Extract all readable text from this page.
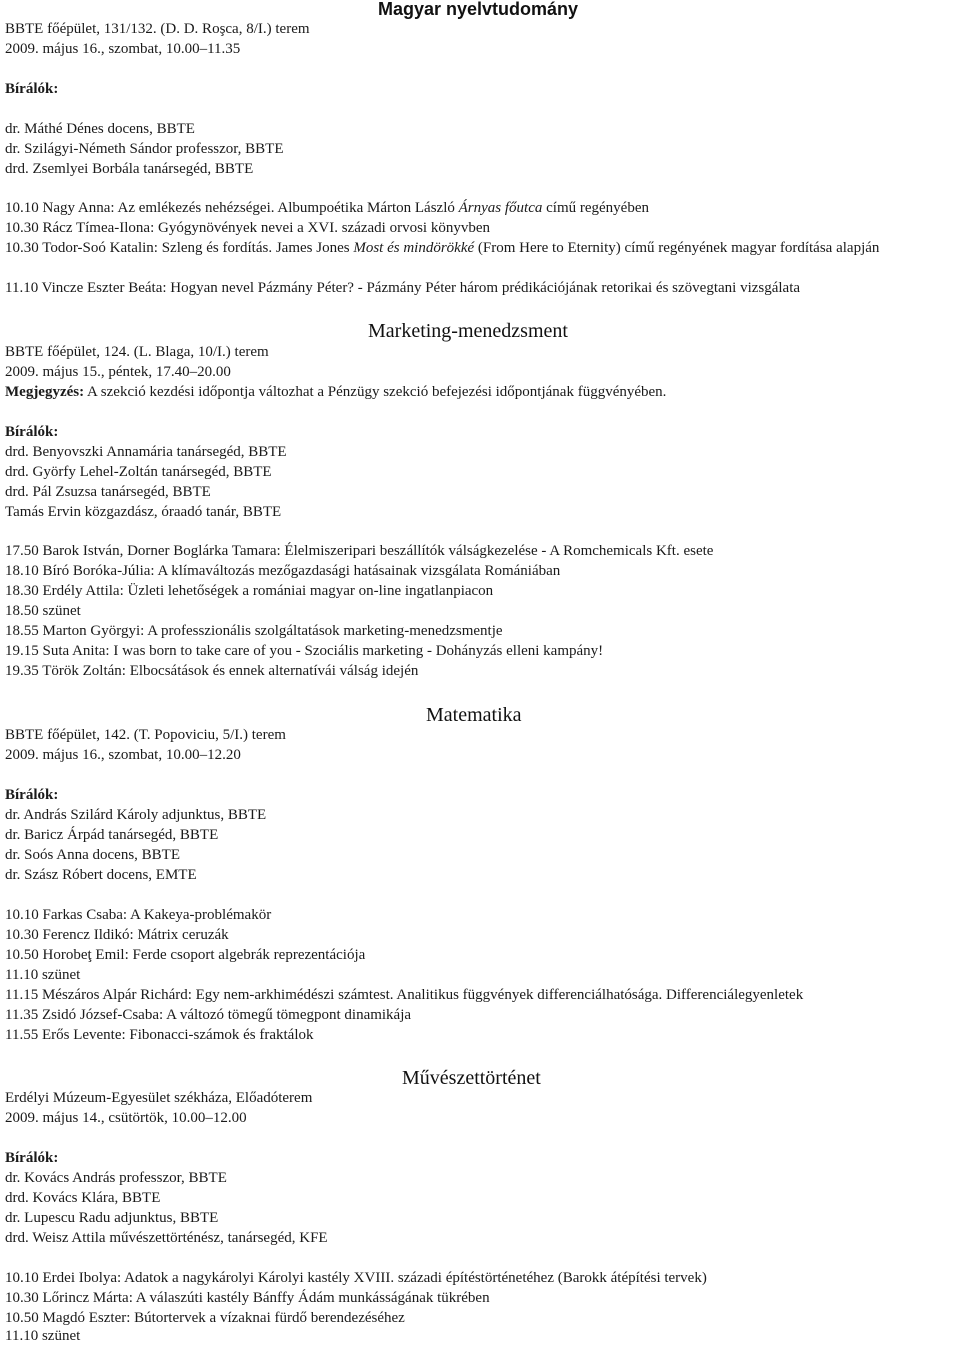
Magyar nyelvtudomány
BBTE főépület, 131/132. (D. D. Roşca, 8/I.) terem
2009. május 16., szombat, 10.00–11.35
Bírálók:
dr. Máthé Dénes docens, BBTE
dr. Szilágyi-Németh Sándor professzor, BBTE
drd. Zsemlyei Borbála tanársegéd, BBTE
10.10 Nagy Anna: Az emlékezés nehézségei. Albumpoétika Márton László Árnyas főutca című regényében
10.30 Rácz Tímea-Ilona: Gyógynövények nevei a XVI. századi orvosi könyvben
10.30 Todor-Soó Katalin: Szleng és fordítás. James Jones Most és mindörökké (From Here to Eternity) című regényének magyar fordítása alapján
11.10 Vincze Eszter Beáta: Hogyan nevel Pázmány Péter? - Pázmány Péter három prédikációjának retorikai és szövegtani vizsgálata
Marketing-menedzsment
BBTE főépület, 124. (L. Blaga, 10/I.) terem
2009. május 15., péntek, 17.40–20.00
Megjegyzés: A szekció kezdési időpontja változhat a Pénzügy szekció befejezési időpontjának függvényében.
Bírálók:
drd. Benyovszki Annamária tanársegéd, BBTE
drd. Györfy Lehel-Zoltán tanársegéd, BBTE
drd. Pál Zsuzsa tanársegéd, BBTE
Tamás Ervin közgazdász, óraadó tanár, BBTE
17.50 Barok István, Dorner Boglárka Tamara: Élelmiszeripari beszállítók válságkezelése - A Romchemicals Kft. esete
18.10 Bíró Boróka-Júlia: A klímaváltozás mezőgazdasági hatásainak vizsgálata Romániában
18.30 Erdély Attila: Üzleti lehetőségek a romániai magyar on-line ingatlanpiacon
18.50 szünet
18.55 Marton Györgyi: A professzionális szolgáltatások marketing-menedzsmentje
19.15 Suta Anita: I was born to take care of you - Szociális marketing - Dohányzás elleni kampány!
19.35 Török Zoltán: Elbocsátások és ennek alternatívái válság idején
Matematika
BBTE főépület, 142. (T. Popoviciu, 5/I.) terem
2009. május 16., szombat, 10.00–12.20
Bírálók:
dr. András Szilárd Károly adjunktus, BBTE
dr. Baricz Árpád tanársegéd, BBTE
dr. Soós Anna docens, BBTE
dr. Szász Róbert docens, EMTE
10.10 Farkas Csaba: A Kakeya-problémakör
10.30 Ferencz Ildikó: Mátrix ceruzák
10.50 Horobeţ Emil: Ferde csoport algebrák reprezentációja
11.10 szünet
11.15 Mészáros Alpár Richárd: Egy nem-arkhimédészi számtest. Analitikus függvények differenciálhatósága. Differenciálegyenletek
11.35 Zsidó József-Csaba: A változó tömegű tömegpont dinamikája
11.55 Erős Levente: Fibonacci-számok és fraktálok
Művészettörténet
Erdélyi Múzeum-Egyesület székháza, Előadóterem
2009. május 14., csütörtök, 10.00–12.00
Bírálók:
dr. Kovács András professzor, BBTE
drd. Kovács Klára, BBTE
dr. Lupescu Radu adjunktus, BBTE
drd. Weisz Attila művészettörténész, tanársegéd, KFE
10.10 Erdei Ibolya: Adatok a nagykárolyi Károlyi kastély XVIII. századi építéstörténetéhez (Barokk átépítési tervek)
10.30 Lőrincz Márta: A válaszúti kastély Bánffy Ádám munkásságának tükrében
10.50 Magdó Eszter: Bútortervek a vízaknai fürdő berendezéséhez
11.10 szünet
